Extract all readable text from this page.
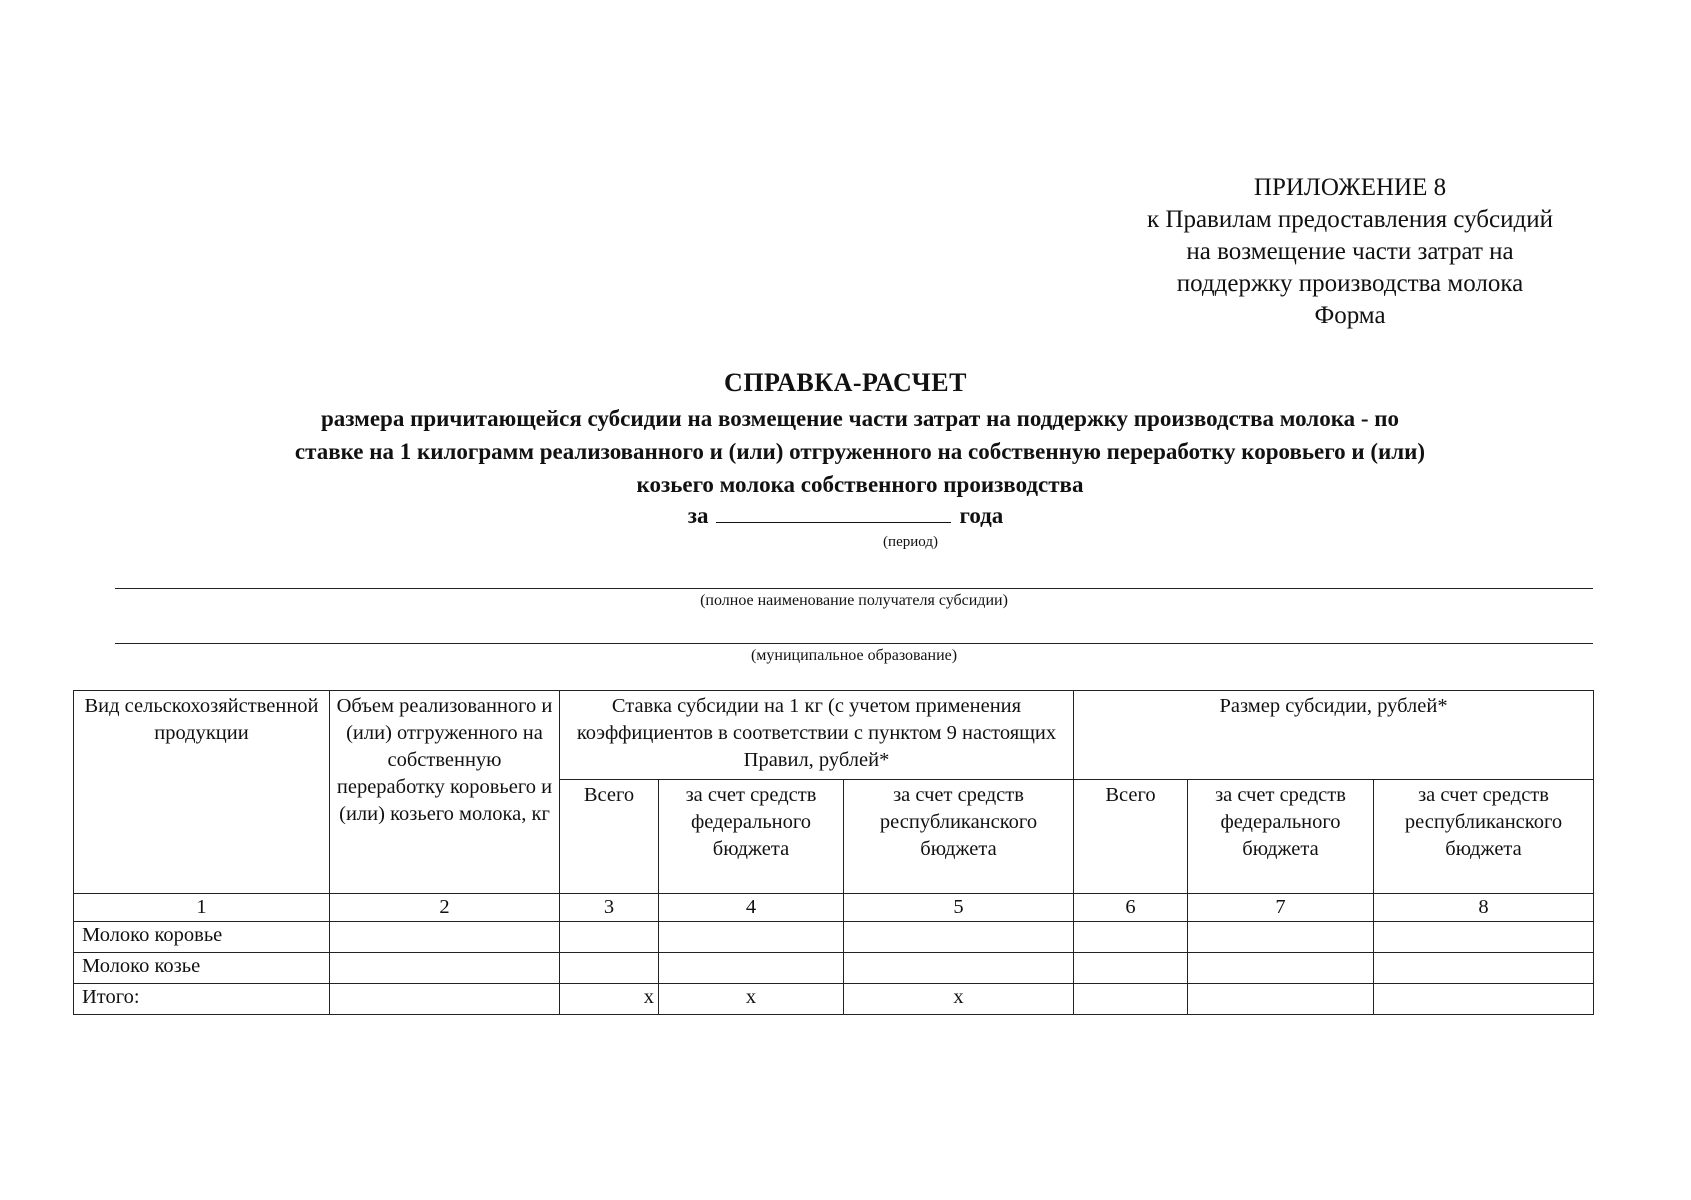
ПРИЛОЖЕНИЕ 8
к Правилам предоставления субсидий
на возмещение части затрат на
поддержку производства молока
Форма
СПРАВКА-РАСЧЕТ
размера причитающейся субсидии на возмещение части затрат на поддержку производства молока - по
ставке на 1 килограмм реализованного и (или) отгруженного на собственную переработку коровьего и (или)
козьего молока собственного производства
за	года
(период)
(полное наименование получателя субсидии)
(муниципальное образование)
Вид сельскохозяйственной продукции	Объем реализованного и (или) отгруженного на собственную переработку коровьего и (или) козьего молока, кг	Ставка субсидии на 1 кг (с учетом применения коэффициентов в соответствии с пунктом 9 настоящих Правил, рублей*			Размер субсидии, рублей*		
		Всего	за счет средств федерального бюджета	за счет средств республиканского бюджета	Всего	за счет средств федерального бюджета	за счет средств республиканского бюджета
1	2	3	4	5	6	7	8
Молоко коровье							
Молоко козье							
Итого:		x	x	x			
